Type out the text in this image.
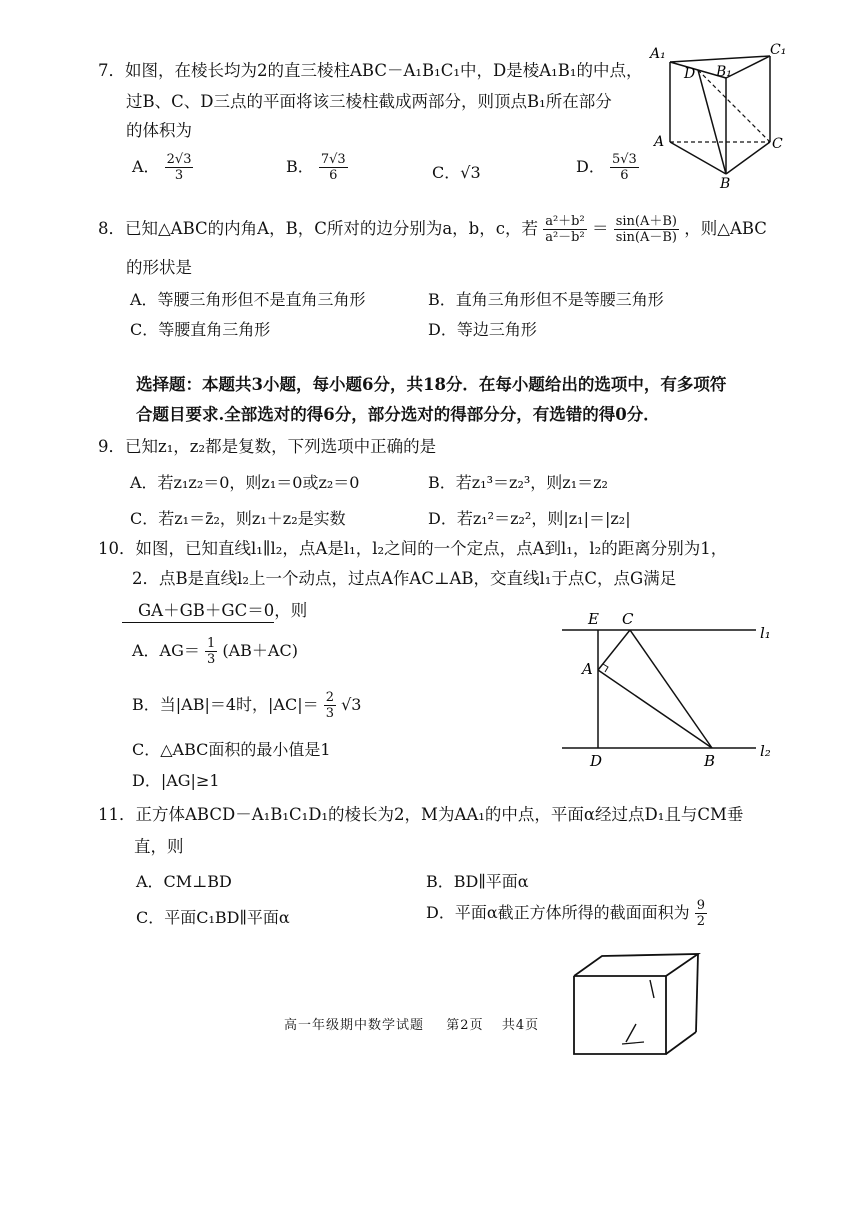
7．如图，在棱长均为2的直三棱柱ABC－A₁B₁C₁中，D是棱A₁B₁的中点，
过B、C、D三点的平面将该三棱柱截成两部分，则顶点B₁所在部分
的体积为
A． $\frac{2√3}{3}$	B． $\frac{7√3}{6}$	C．√3	D． $\frac{5√3}{6}$
A₁	C₁
D B₁
A	C
B
8．已知△ABC的内角A，B，C所对的边分别为a，b，c，若 $\frac{\text{a²＋b²}}{\text{a²－b²}} = \frac{\sin(A+B)}{\sin(A-B)}$ ，则△ABC
的形状是
A．等腰三角形但不是直角三角形	B．直角三角形但不是等腰三角形
C．等腰直角三角形	D．等边三角形
选择题：本题共3小题，每小题6分，共18分．在每小题给出的选项中，有多项符
合题目要求.全部选对的得6分，部分选对的得部分分，有选错的得0分．
9．已知z₁，z₂都是复数，下列选项中正确的是
A．若z₁z₂＝0，则z₁＝0或z₂＝0	B．若z₁³＝z₂³，则z₁＝z₂
C．若z₁＝z̄₂，则z₁＋z₂是实数	D．若z₁²＝z₂²，则|z₁|＝|z₂|
10．如图，已知直线l₁∥l₂，点A是l₁，l₂之间的一个定点，点A到l₁，l₂的距离分别为1，
2．点B是直线l₂上一个动点，过点A作AC⊥AB，交直线l₁于点C，点G满足
GA＋GB＋GC＝0，则
A．$AG= \frac{1}{3} (AB+AC)$
B．当|AB|＝4时，$|AC|= \frac{2}{3} √3$
C．△ABC面积的最小值是1
D．|AG|≥1
E C
l₁
A
D	B
l₂
11．正方体ABCD－A₁B₁C₁D₁的棱长为2，M为AA₁的中点，平面α经过点D₁且与CM垂
直，则
A．CM⊥BD	B．BD∥平面α
C．平面C₁BD∥平面α	D．平面α截正方体所得的截面面积为 $\frac{9}{2}$
高一年级期中数学试题 第2页 共4页
